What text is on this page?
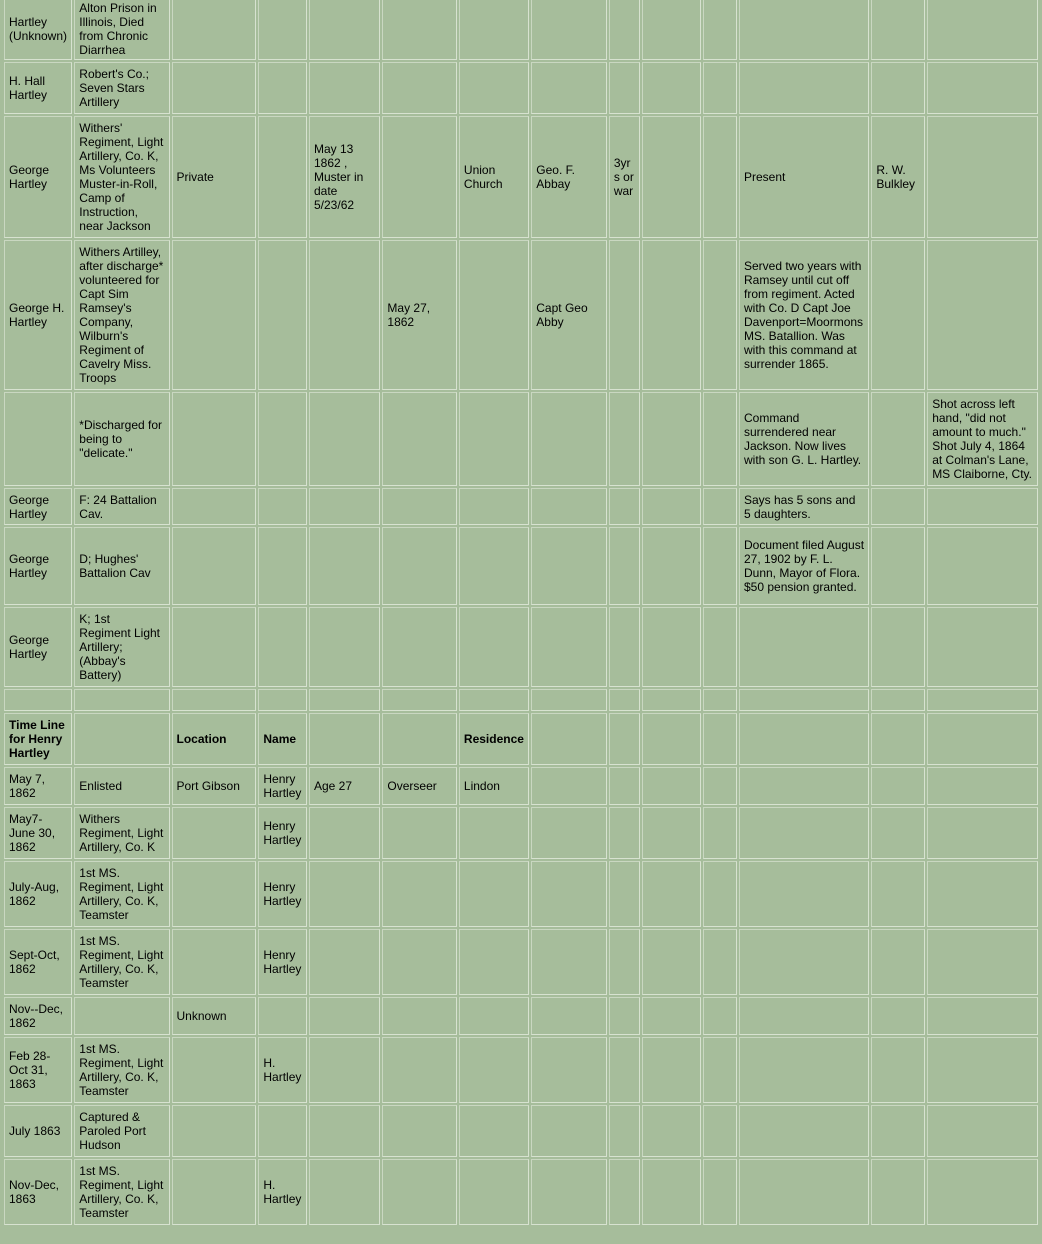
Hartley (Unknown)	Alton Prison in Illinois, Died from Chronic Diarrhea												
H. Hall Hartley	Robert's Co.; Seven Stars Artillery												
George Hartley	Withers' Regiment, Light Artillery, Co. K, Ms Volunteers Muster-in-Roll, Camp of Instruction, near Jackson	Private		May 13 1862 , Muster in date 5/23/62		Union Church	Geo. F. Abbay	3yrs or war			Present	R. W. Bulkley	
George H. Hartley	Withers Artilley, after discharge* volunteered for Capt Sim Ramsey's Company, Wilburn's Regiment of Cavelry Miss. Troops				May 27, 1862		Capt Geo Abby				Served two years with Ramsey until cut off from regiment. Acted with Co. D Capt Joe Davenport=Moormons MS. Batallion. Was with this command at surrender 1865.		
	*Discharged for being to "delicate."										Command surrendered near Jackson. Now lives with son G. L. Hartley.		Shot across left hand, "did not amount to much." Shot July 4, 1864 at Colman's Lane, MS Claiborne, Cty.
George Hartley	F: 24 Battalion Cav.										Says has 5 sons and 5 daughters.		
George Hartley	D; Hughes' Battalion Cav										Document filed August 27, 1902 by F. L. Dunn, Mayor of Flora. $50 pension granted.		
George Hartley	K; 1st Regiment Light Artillery; (Abbay's Battery)												

Time Line for Henry Hartley		Location	Name			Residence							
May 7, 1862	Enlisted	Port Gibson	Henry Hartley	Age 27	Overseer	Lindon							
May7- June 30, 1862	Withers Regiment, Light Artillery, Co. K		Henry Hartley										
July-Aug, 1862	1st MS. Regiment, Light Artillery, Co. K, Teamster		Henry Hartley										
Sept-Oct, 1862	1st MS. Regiment, Light Artillery, Co. K, Teamster		Henry Hartley										
Nov--Dec, 1862		Unknown											
Feb 28- Oct 31, 1863	1st MS. Regiment, Light Artillery, Co. K, Teamster		H. Hartley										
July 1863	Captured & Paroled Port Hudson												
Nov-Dec, 1863	1st MS. Regiment, Light Artillery, Co. K, Teamster		H. Hartley										
